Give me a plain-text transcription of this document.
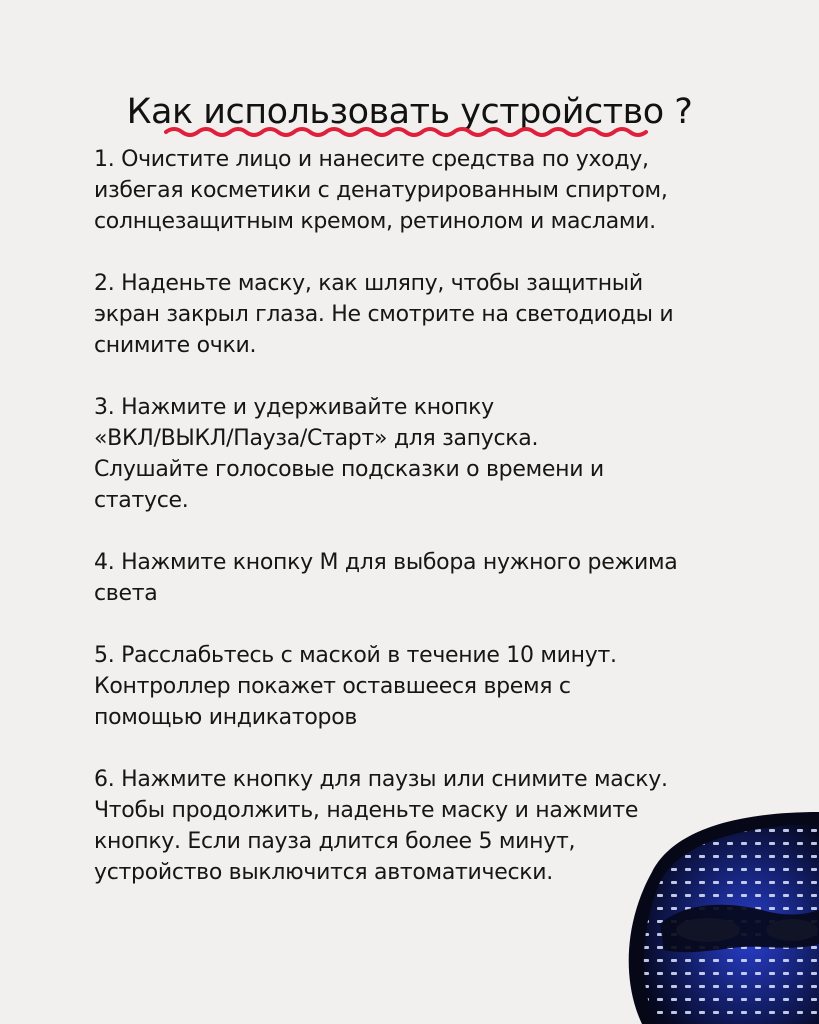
Как использовать устройство ?

1. Очистите лицо и нанесите средства по уходу,
избегая косметики с денатурированным спиртом,
солнцезащитным кремом, ретинолом и маслами.

2. Наденьте маску, как шляпу, чтобы защитный
экран закрыл глаза. Не смотрите на светодиоды и
снимите очки.

3. Нажмите и удерживайте кнопку
«ВКЛ/ВЫКЛ/Пауза/Старт» для запуска.
Слушайте голосовые подсказки о времени и
статусе.

4. Нажмите кнопку М для выбора нужного режима
света

5. Расслабьтесь с маской в течение 10 минут.
Контроллер покажет оставшееся время с
помощью индикаторов

6. Нажмите кнопку для паузы или снимите маску.
Чтобы продолжить, наденьте маску и нажмите
кнопку. Если пауза длится более 5 минут,
устройство выключится автоматически.
